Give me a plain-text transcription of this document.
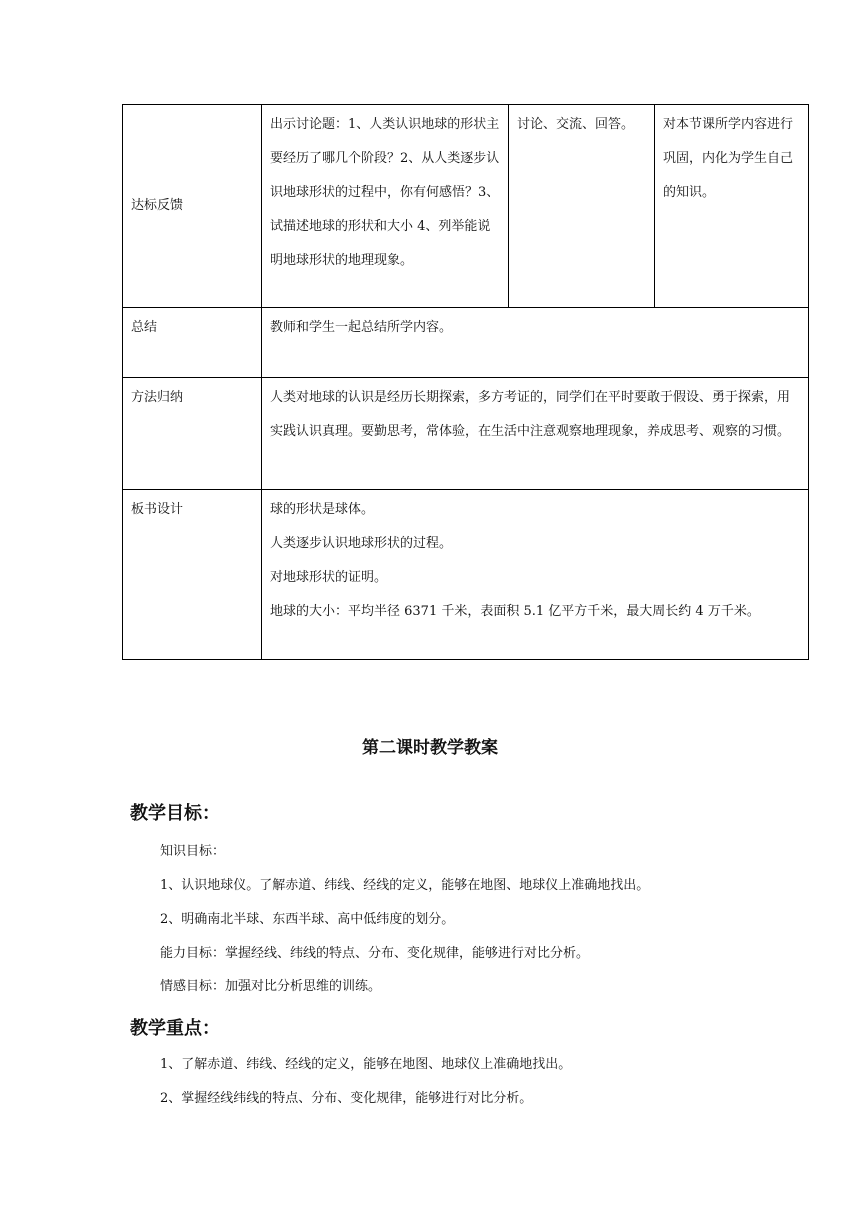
达标反馈	出示讨论题：1、人类认识地球的形状主要经历了哪几个阶段？2、从人类逐步认识地球形状的过程中，你有何感悟？3、试描述地球的形状和大小 4、列举能说明地球形状的地理现象。	讨论、交流、回答。	对本节课所学内容进行巩固，内化为学生自己的知识。
总结	教师和学生一起总结所学内容。		
方法归纳	人类对地球的认识是经历长期探索，多方考证的，同学们在平时要敢于假设、勇于探索，用实践认识真理。要勤思考，常体验，在生活中注意观察地理现象，养成思考、观察的习惯。		
板书设计	球的形状是球体。
人类逐步认识地球形状的过程。
对地球形状的证明。
地球的大小：平均半径 6371 千米，表面积 5.1 亿平方千米，最大周长约 4 万千米。		
第二课时教学教案
教学目标：
知识目标：
1、认识地球仪。了解赤道、纬线、经线的定义，能够在地图、地球仪上准确地找出。
2、明确南北半球、东西半球、高中低纬度的划分。
能力目标：掌握经线、纬线的特点、分布、变化规律，能够进行对比分析。
情感目标：加强对比分析思维的训练。
教学重点：
1、了解赤道、纬线、经线的定义，能够在地图、地球仪上准确地找出。
2、掌握经线纬线的特点、分布、变化规律，能够进行对比分析。
